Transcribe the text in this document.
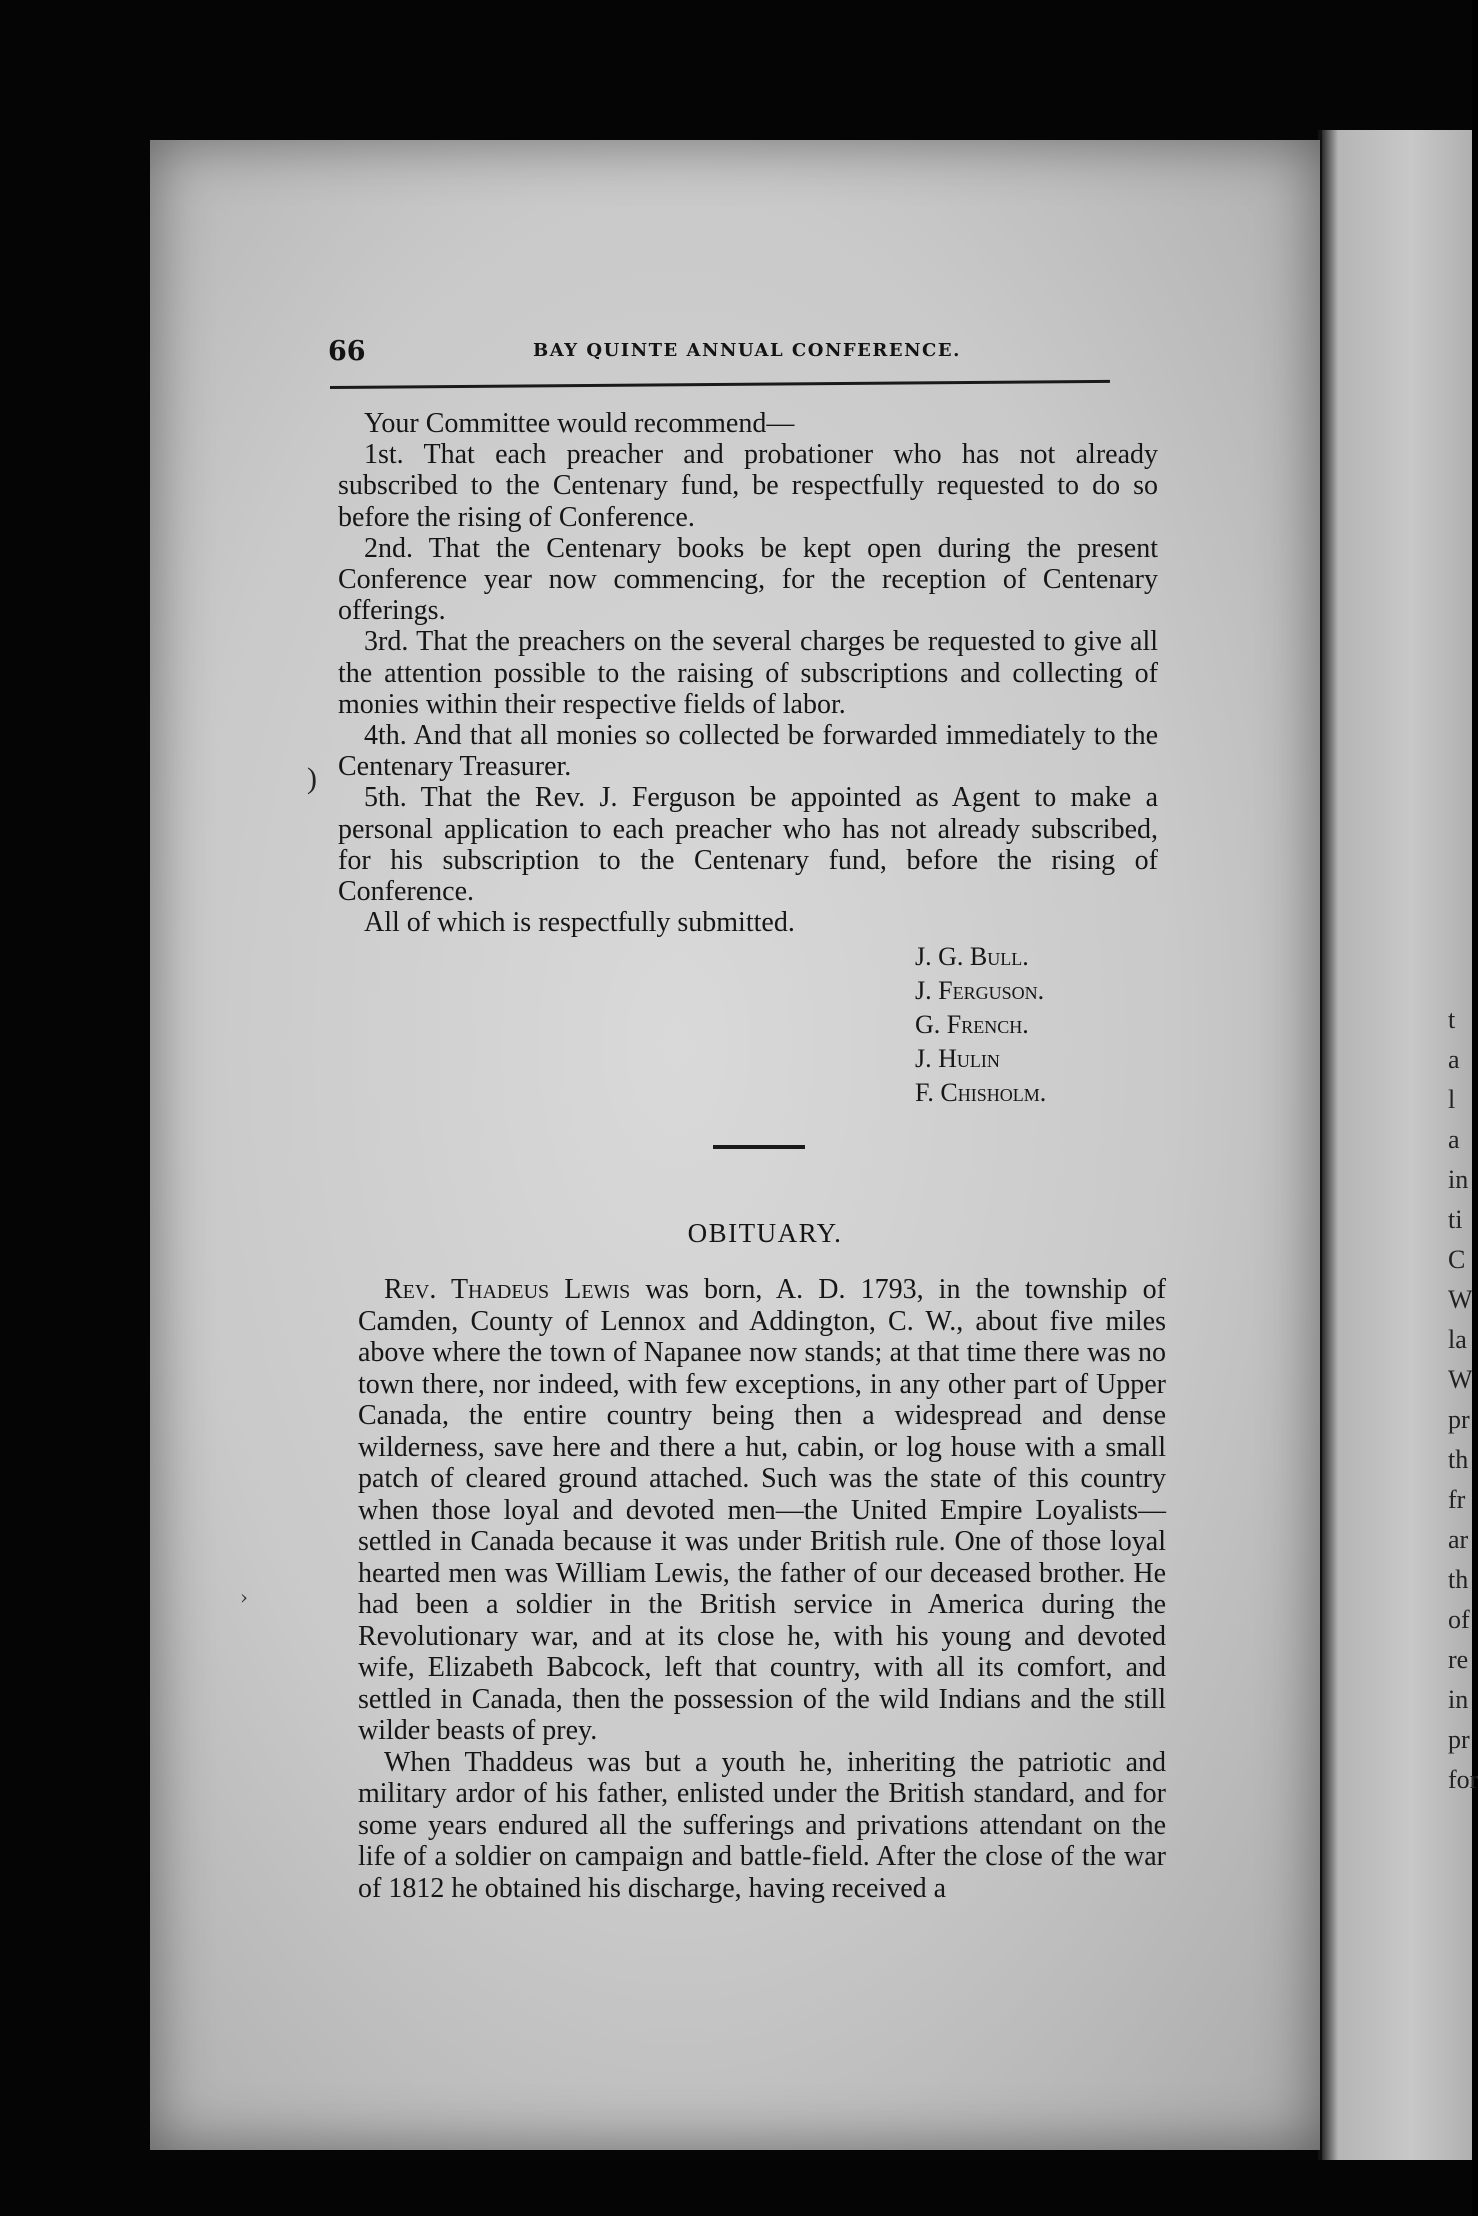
t
a
l
a
in
ti
C
W
la
W
pr
th
fr
ar
th
of
re
in
pr
for
66	BAY QUINTE ANNUAL CONFERENCE.

Your Committee would recommend—

1st. That each preacher and probationer who has not already subscribed to the Centenary fund, be respectfully requested to do so before the rising of Conference.

2nd. That the Centenary books be kept open during the present Conference year now commencing, for the reception of Centenary offerings.

3rd. That the preachers on the several charges be requested to give all the attention possible to the raising of subscriptions and collecting of monies within their respective fields of labor.

4th. And that all monies so collected be forwarded immediately to the Centenary Treasurer.

5th. That the Rev. J. Ferguson be appointed as Agent to make a personal application to each preacher who has not already subscribed, for his subscription to the Centenary fund, before the rising of Conference.

All of which is respectfully submitted.

)
J. G. Bull.
J. Ferguson.
G. French.
J. Hulin
F. Chisholm.
OBITUARY.

Rev. Thadeus Lewis was born, A. D. 1793, in the township of Camden, County of Lennox and Addington, C. W., about five miles above where the town of Napanee now stands; at that time there was no town there, nor indeed, with few exceptions, in any other part of Upper Canada, the entire country being then a widespread and dense wilderness, save here and there a hut, cabin, or log house with a small patch of cleared ground attached. Such was the state of this country when those loyal and devoted men—the United Empire Loyalists—settled in Canada because it was under British rule. One of those loyal hearted men was William Lewis, the father of our deceased brother. He had been a soldier in the British service in America during the Revolutionary war, and at its close he, with his young and devoted wife, Elizabeth Babcock, left that country, with all its comfort, and settled in Canada, then the possession of the wild Indians and the still wilder beasts of prey.

When Thaddeus was but a youth he, inheriting the patriotic and military ardor of his father, enlisted under the British standard, and for some years endured all the sufferings and privations attendant on the life of a soldier on campaign and battle-field. After the close of the war of 1812 he obtained his discharge, having received a

›
